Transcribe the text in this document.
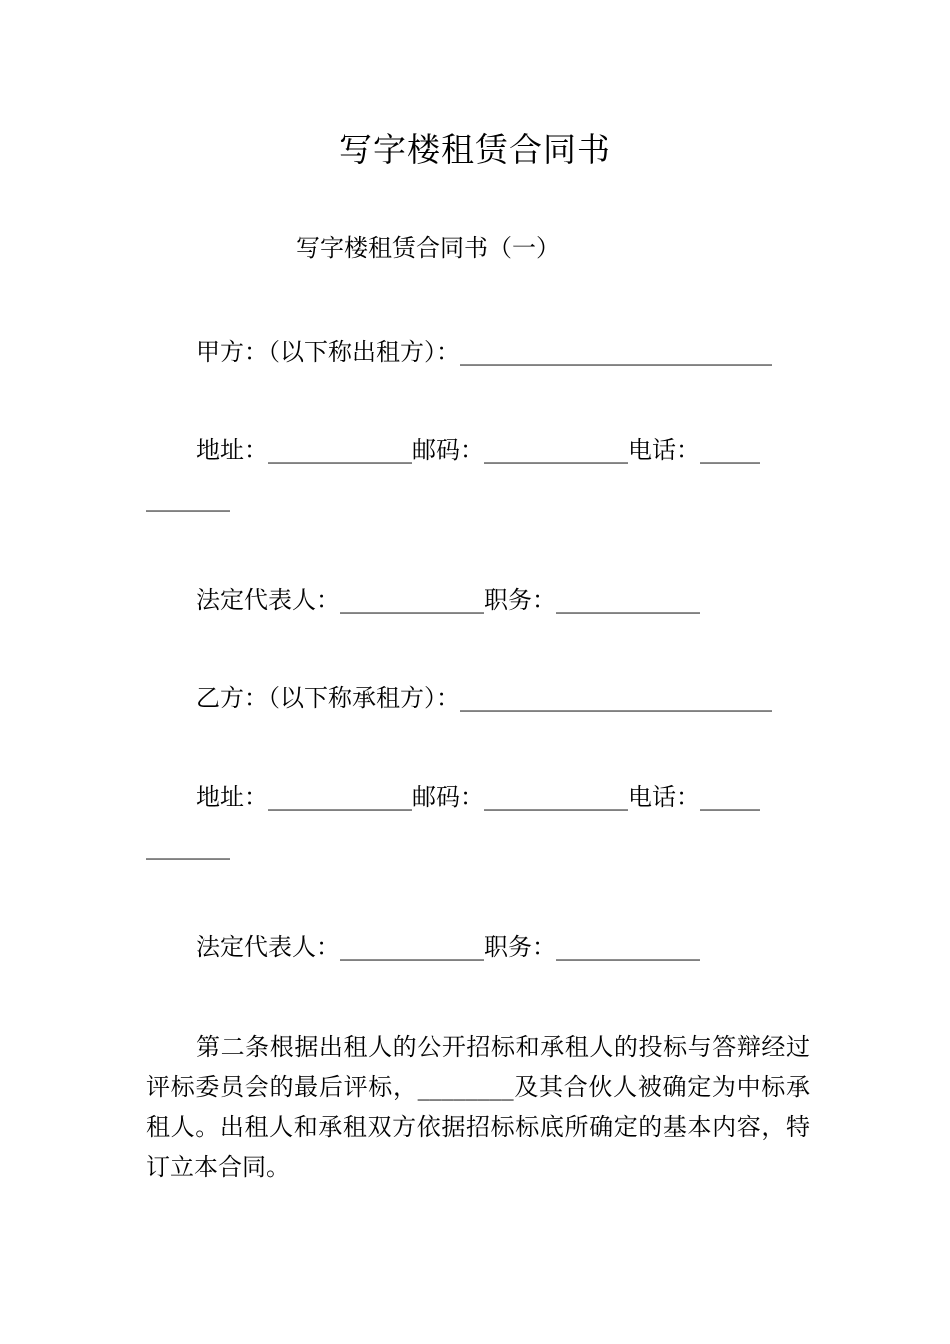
写字楼租赁合同书
写字楼租赁合同书（一）
甲方：（以下称出租方）：__________________________
地址：____________邮码：____________电话：_____
_______
法定代表人：____________职务：____________
乙方：（以下称承租方）：__________________________
地址：____________邮码：____________电话：_____
_______
法定代表人：____________职务：____________
第二条根据出租人的公开招标和承租人的投标与答辩经过评标委员会的最后评标，________及其合伙人被确定为中标承租人。出租人和承租双方依据招标标底所确定的基本内容，特订立本合同。
